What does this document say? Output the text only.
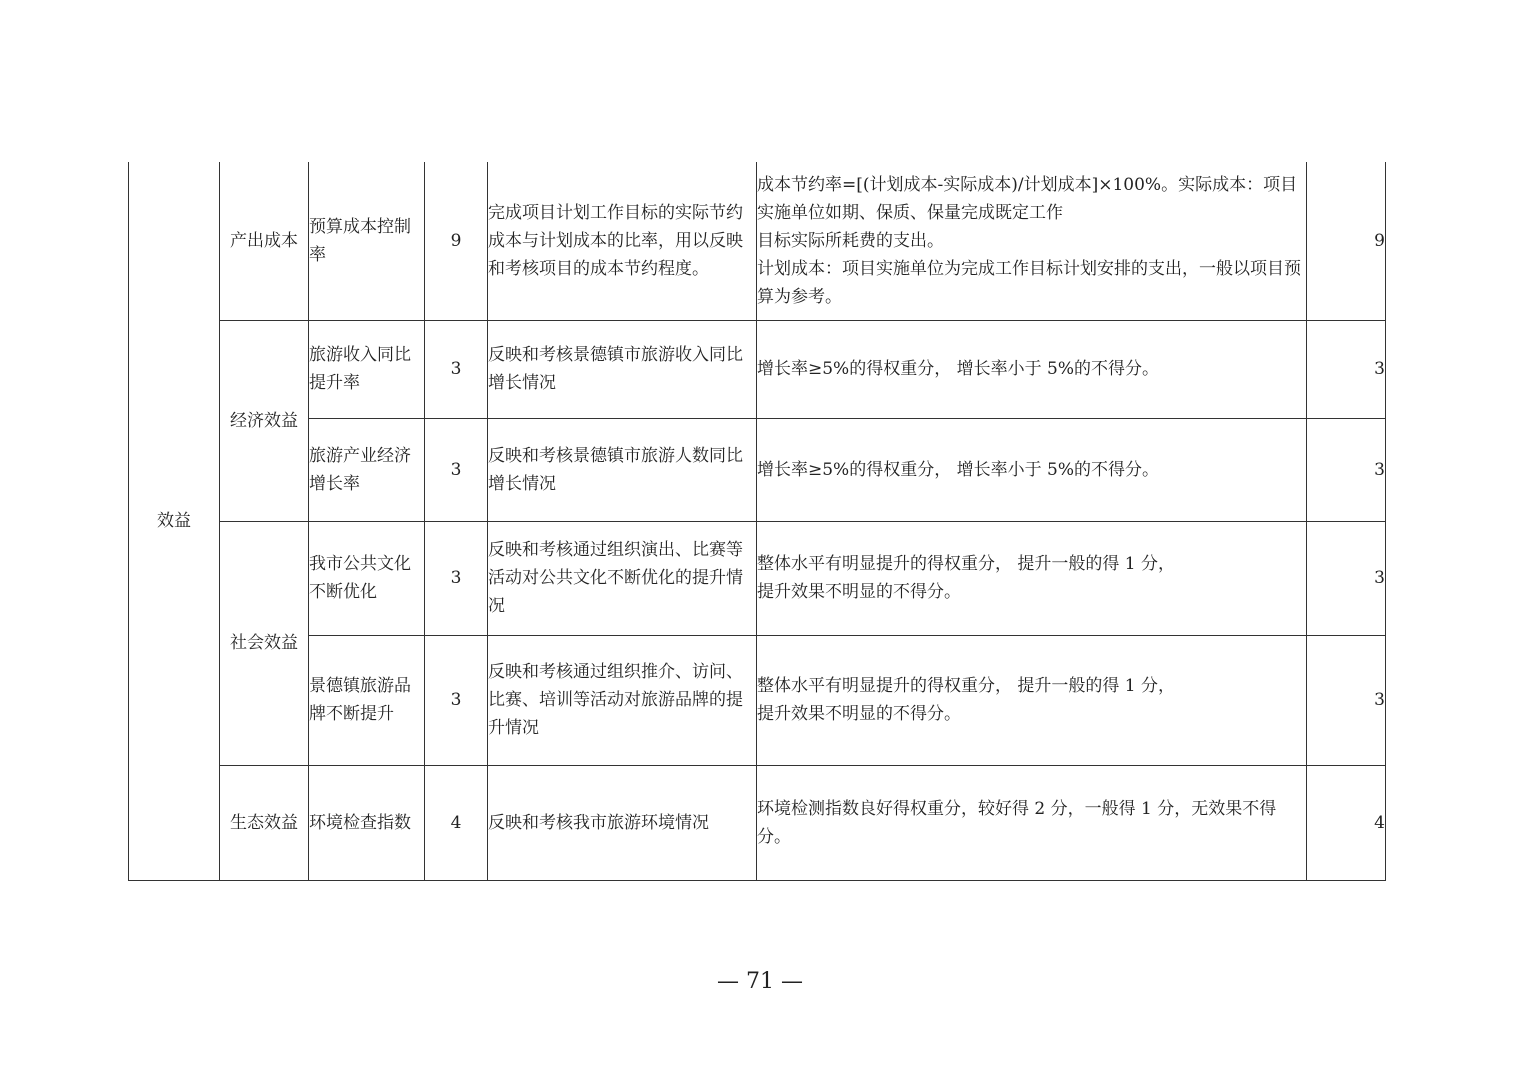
效益	产出成本	预算成本控制率	9	完成项目计划工作目标的实际节约成本与计划成本的比率，用以反映和考核项目的成本节约程度。	成本节约率=[(计划成本-实际成本)/计划成本]×100%。实际成本：项目实施单位如期、保质、保量完成既定工作
目标实际所耗费的支出。
计划成本：项目实施单位为完成工作目标计划安排的支出，一般以项目预算为参考。	9
	经济效益	旅游收入同比提升率	3	反映和考核景德镇市旅游收入同比增长情况	增长率≥5%的得权重分， 增长率小于 5%的不得分。	3
		旅游产业经济增长率	3	反映和考核景德镇市旅游人数同比增长情况	增长率≥5%的得权重分， 增长率小于 5%的不得分。	3
	社会效益	我市公共文化不断优化	3	反映和考核通过组织演出、比赛等活动对公共文化不断优化的提升情况	整体水平有明显提升的得权重分， 提升一般的得 1 分，
提升效果不明显的不得分。	3
		景德镇旅游品牌不断提升	3	反映和考核通过组织推介、访问、比赛、培训等活动对旅游品牌的提升情况	整体水平有明显提升的得权重分， 提升一般的得 1 分，
提升效果不明显的不得分。	3
	生态效益	环境检查指数	4	反映和考核我市旅游环境情况	环境检测指数良好得权重分，较好得 2 分，一般得 1 分，无效果不得分。	4
— 71 —
